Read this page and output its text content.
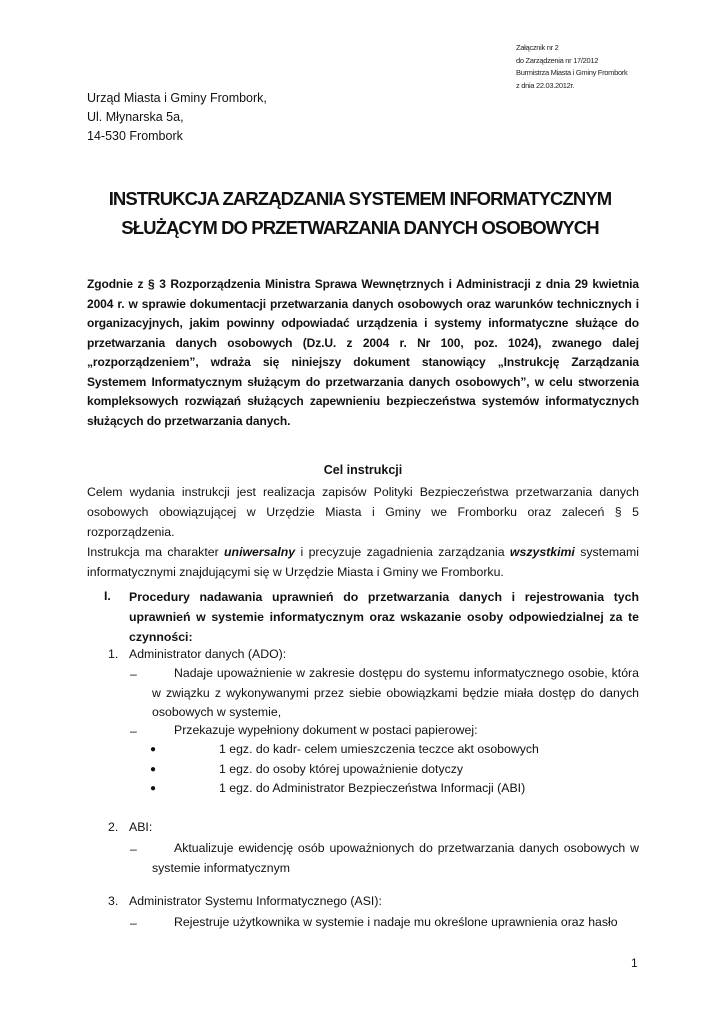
Załącznik nr 2
do Zarządzenia nr 17/2012
Burmistrza Miasta i Gminy Frombork
z dnia 22.03.2012r.
Urząd Miasta i Gminy Frombork,
Ul. Młynarska 5a,
14-530 Frombork
INSTRUKCJA ZARZĄDZANIA SYSTEMEM INFORMATYCZNYM
SŁUŻĄCYM DO PRZETWARZANIA DANYCH OSOBOWYCH
Zgodnie z § 3 Rozporządzenia Ministra Sprawa Wewnętrznych i Administracji z dnia 29 kwietnia 2004 r. w sprawie dokumentacji przetwarzania danych osobowych oraz warunków technicznych i organizacyjnych, jakim powinny odpowiadać urządzenia i systemy informatyczne służące do przetwarzania danych osobowych (Dz.U. z 2004 r. Nr 100, poz. 1024), zwanego dalej „rozporządzeniem”, wdraża się niniejszy dokument stanowiący „Instrukcję Zarządzania Systemem Informatycznym służącym do przetwarzania danych osobowych”, w celu stworzenia kompleksowych rozwiązań służących zapewnieniu bezpieczeństwa systemów informatycznych służących do przetwarzania danych.
Cel instrukcji
Celem wydania instrukcji jest realizacja zapisów Polityki Bezpieczeństwa przetwarzania danych osobowych obowiązującej w Urzędzie Miasta i Gminy we Fromborku oraz zaleceń § 5 rozporządzenia.
Instrukcja ma charakter uniwersalny i precyzuje zagadnienia zarządzania wszystkimi systemami informatycznymi znajdującymi się w Urzędzie Miasta i Gminy we Fromborku.
I. Procedury nadawania uprawnień do przetwarzania danych i rejestrowania tych uprawnień w systemie informatycznym oraz wskazanie osoby odpowiedzialnej za te czynności:
1. Administrator danych (ADO):
–	Nadaje upoważnienie w zakresie dostępu do systemu informatycznego osobie, która w związku z wykonywanymi przez siebie obowiązkami będzie miała dostęp do danych osobowych w systemie,
–	Przekazuje wypełniony dokument w postaci papierowej:
●	1 egz. do kadr- celem umieszczenia teczce akt osobowych
●	1 egz. do osoby której upoważnienie dotyczy
●	1 egz. do Administrator Bezpieczeństwa Informacji (ABI)
2. ABI:
–	Aktualizuje ewidencję osób upoważnionych do przetwarzania danych osobowych w systemie informatycznym
3. Administrator Systemu Informatycznego (ASI):
–	Rejestruje użytkownika w systemie i nadaje mu określone uprawnienia oraz hasło
1
